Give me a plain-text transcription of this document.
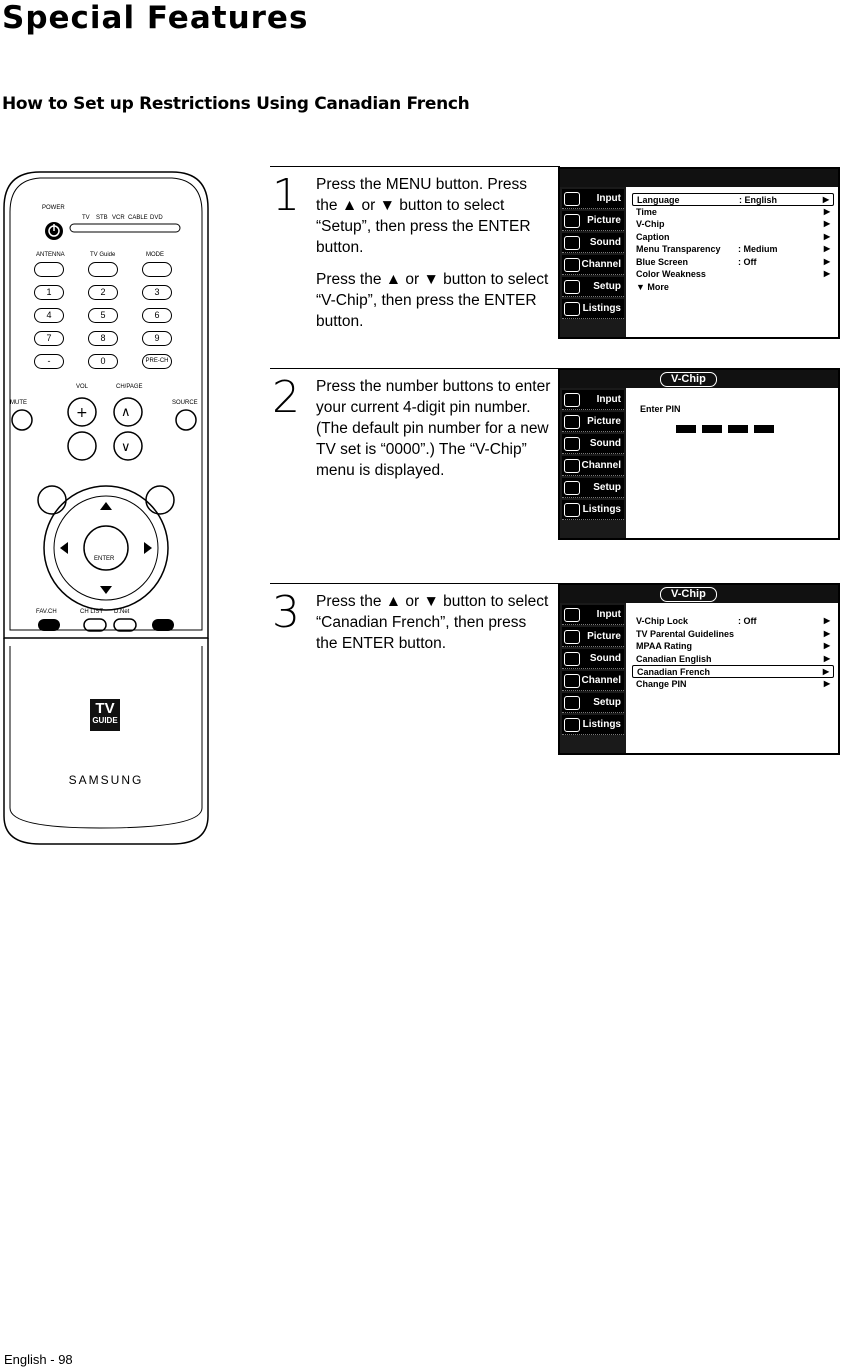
Special Features
How to Set up Restrictions Using Canadian French
+	∧
∨
POWER
TV STB VCR CABLE DVD
ANTENNA	TV Guide	MODE
1	2	3
4	5	6
7	8	9
-	0	PRE-CH
VOL	CH/PAGE
MUTE	SOURCE
ENTER
FAV.CH	CH LIST D.Net
TV
GUIDE
SAMSUNG
1 Press the MENU button. Press the ▲ or ▼ button to select “Setup”, then press the ENTER button.

Press the ▲ or ▼ button to select “V-Chip”, then press the ENTER button.

Input
Picture
Sound
Channel
Setup
Listings
Language	: English	▶
Time	▶
V-Chip	▶
Caption	▶
Menu Transparency : Medium	▶
Blue Screen	: Off	▶
Color Weakness	▶
▼ More
2 Press the number buttons to enter your current 4-digit pin number. (The default pin number for a new TV set is “0000”.) The “V-Chip” menu is displayed.

V-Chip
Input
Picture
Sound
Channel
Setup
Listings
Enter PIN
3 Press the ▲ or ▼ button to select “Canadian French”, then press the ENTER button.

V-Chip
Input
Picture
Sound
Channel
Setup
Listings
V-Chip Lock	: Off	▶
TV Parental Guidelines	▶
MPAA Rating	▶
Canadian English	▶
Canadian French	▶
Change PIN	▶
English - 98
